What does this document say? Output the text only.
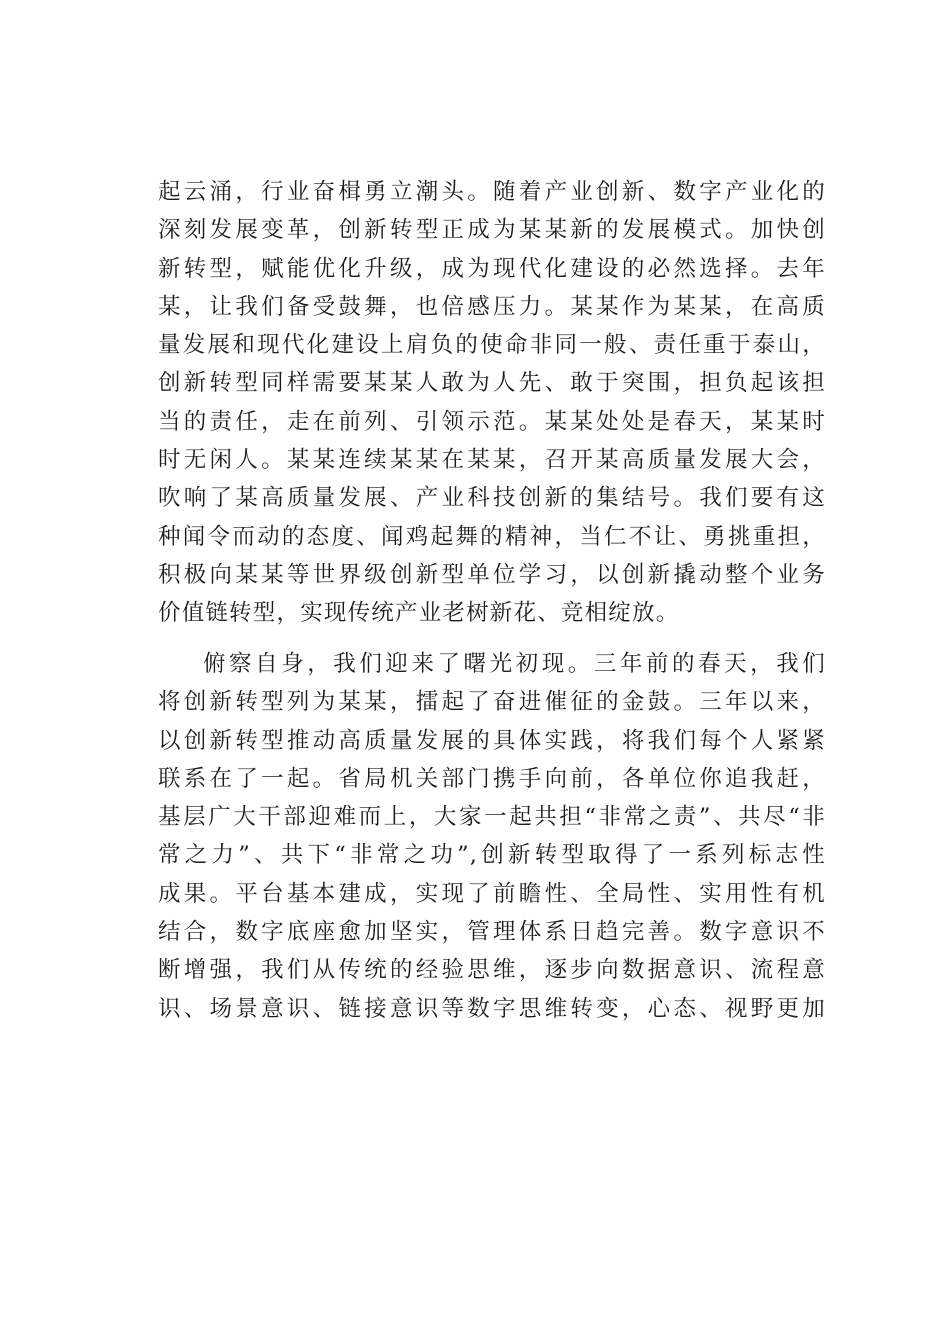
起云涌，行业奋楫勇立潮头。随着产业创新、数字产业化的
深刻发展变革，创新转型正成为某某新的发展模式。加快创
新转型，赋能优化升级，成为现代化建设的必然选择。去年
某，让我们备受鼓舞，也倍感压力。某某作为某某，在高质
量发展和现代化建设上肩负的使命非同一般、责任重于泰山，
创新转型同样需要某某人敢为人先、敢于突围，担负起该担
当的责任，走在前列、引领示范。某某处处是春天，某某时
时无闲人。某某连续某某在某某，召开某高质量发展大会，
吹响了某高质量发展、产业科技创新的集结号。我们要有这
种闻令而动的态度、闻鸡起舞的精神，当仁不让、勇挑重担，
积极向某某等世界级创新型单位学习，以创新撬动整个业务
价值链转型，实现传统产业老树新花、竞相绽放。
俯察自身，我们迎来了曙光初现。三年前的春天，我们
将创新转型列为某某，擂起了奋进催征的金鼓。三年以来，
以创新转型推动高质量发展的具体实践，将我们每个人紧紧
联系在了一起。省局机关部门携手向前，各单位你追我赶，
基层广大干部迎难而上，大家一起共担“非常之责”、共尽“非
常之力”、共下“非常之功”,创新转型取得了一系列标志性
成果。平台基本建成，实现了前瞻性、全局性、实用性有机
结合，数字底座愈加坚实，管理体系日趋完善。数字意识不
断增强，我们从传统的经验思维，逐步向数据意识、流程意
识、场景意识、链接意识等数字思维转变，心态、视野更加
